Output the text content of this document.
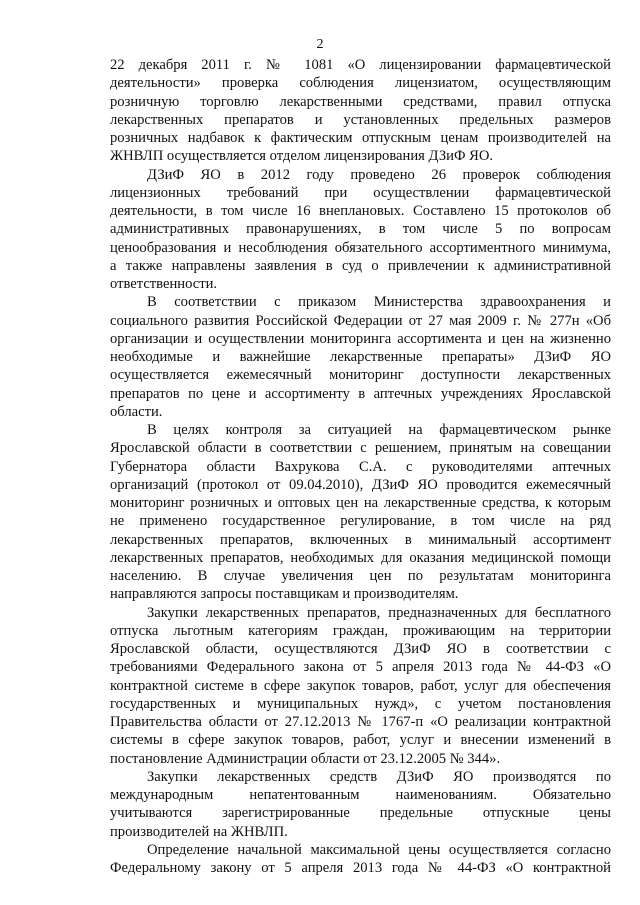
2
22 декабря 2011 г. № 1081 «О лицензировании фармацевтической
деятельности» проверка соблюдения лицензиатом, осуществляющим
розничную торговлю лекарственными средствами, правил отпуска
лекарственных препаратов и установленных предельных размеров
розничных надбавок к фактическим отпускным ценам производителей на
ЖНВЛП осуществляется отделом лицензирования ДЗиФ ЯО.
ДЗиФ ЯО в 2012 году проведено 26 проверок соблюдения
лицензионных требований при осуществлении фармацевтической
деятельности, в том числе 16 внеплановых. Составлено 15 протоколов об
административных правонарушениях, в том числе 5 по вопросам
ценообразования и несоблюдения обязательного ассортиментного минимума,
а также направлены заявления в суд о привлечении к административной
ответственности.
В соответствии с приказом Министерства здравоохранения и
социального развития Российской Федерации от 27 мая 2009 г. № 277н «Об
организации и осуществлении мониторинга ассортимента и цен на жизненно
необходимые и важнейшие лекарственные препараты» ДЗиФ ЯО
осуществляется ежемесячный мониторинг доступности лекарственных
препаратов по цене и ассортименту в аптечных учреждениях Ярославской
области.
В целях контроля за ситуацией на фармацевтическом рынке
Ярославской области в соответствии с решением, принятым на совещании
Губернатора области Вахрукова С.А. с руководителями аптечных
организаций (протокол от 09.04.2010), ДЗиФ ЯО проводится ежемесячный
мониторинг розничных и оптовых цен на лекарственные средства, к которым
не применено государственное регулирование, в том числе на ряд
лекарственных препаратов, включенных в минимальный ассортимент
лекарственных препаратов, необходимых для оказания медицинской помощи
населению. В случае увеличения цен по результатам мониторинга
направляются запросы поставщикам и производителям.
Закупки лекарственных препаратов, предназначенных для бесплатного
отпуска льготным категориям граждан, проживающим на территории
Ярославской области, осуществляются ДЗиФ ЯО в соответствии с
требованиями Федерального закона от 5 апреля 2013 года № 44-ФЗ «О
контрактной системе в сфере закупок товаров, работ, услуг для обеспечения
государственных и муниципальных нужд», с учетом постановления
Правительства области от 27.12.2013 № 1767-п «О реализации контрактной
системы в сфере закупок товаров, работ, услуг и внесении изменений в
постановление Администрации области от 23.12.2005 № 344».
Закупки лекарственных средств ДЗиФ ЯО производятся по
международным непатентованным наименованиям. Обязательно
учитываются зарегистрированные предельные отпускные цены
производителей на ЖНВЛП.
Определение начальной максимальной цены осуществляется согласно
Федеральному закону от 5 апреля 2013 года № 44-ФЗ «О контрактной
